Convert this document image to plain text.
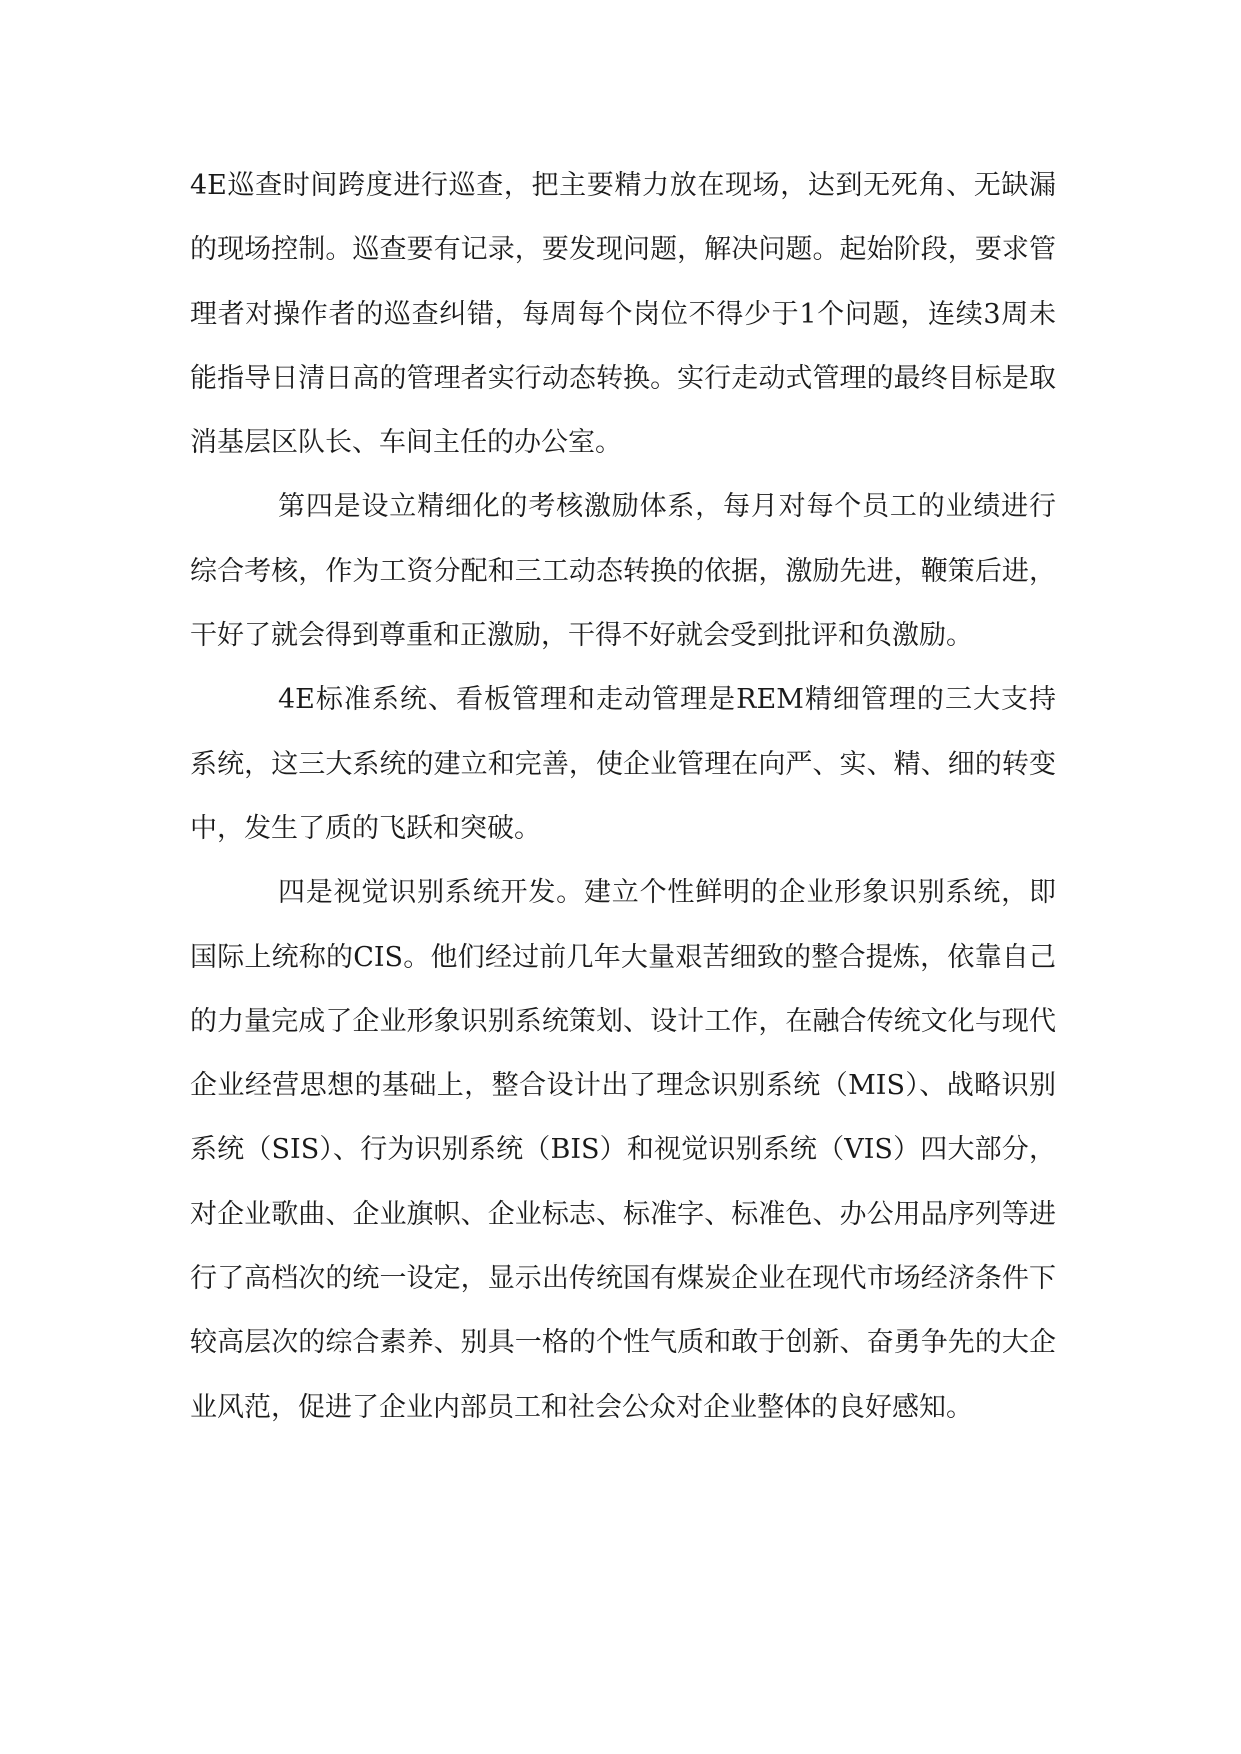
4E巡查时间跨度进行巡查，把主要精力放在现场，达到无死角、无缺漏的现场控制。巡查要有记录，要发现问题，解决问题。起始阶段，要求管理者对操作者的巡查纠错，每周每个岗位不得少于1个问题，连续3周未能指导日清日高的管理者实行动态转换。实行走动式管理的最终目标是取消基层区队长、车间主任的办公室。

第四是设立精细化的考核激励体系，每月对每个员工的业绩进行综合考核，作为工资分配和三工动态转换的依据，激励先进，鞭策后进，干好了就会得到尊重和正激励，干得不好就会受到批评和负激励。

4E标准系统、看板管理和走动管理是REM精细管理的三大支持系统，这三大系统的建立和完善，使企业管理在向严、实、精、细的转变中，发生了质的飞跃和突破。

四是视觉识别系统开发。建立个性鲜明的企业形象识别系统，即国际上统称的CIS。他们经过前几年大量艰苦细致的整合提炼，依靠自己的力量完成了企业形象识别系统策划、设计工作，在融合传统文化与现代企业经营思想的基础上，整合设计出了理念识别系统（MIS）、战略识别系统（SIS）、行为识别系统（BIS）和视觉识别系统（VIS）四大部分，对企业歌曲、企业旗帜、企业标志、标准字、标准色、办公用品序列等进行了高档次的统一设定，显示出传统国有煤炭企业在现代市场经济条件下较高层次的综合素养、别具一格的个性气质和敢于创新、奋勇争先的大企业风范，促进了企业内部员工和社会公众对企业整体的良好感知。
